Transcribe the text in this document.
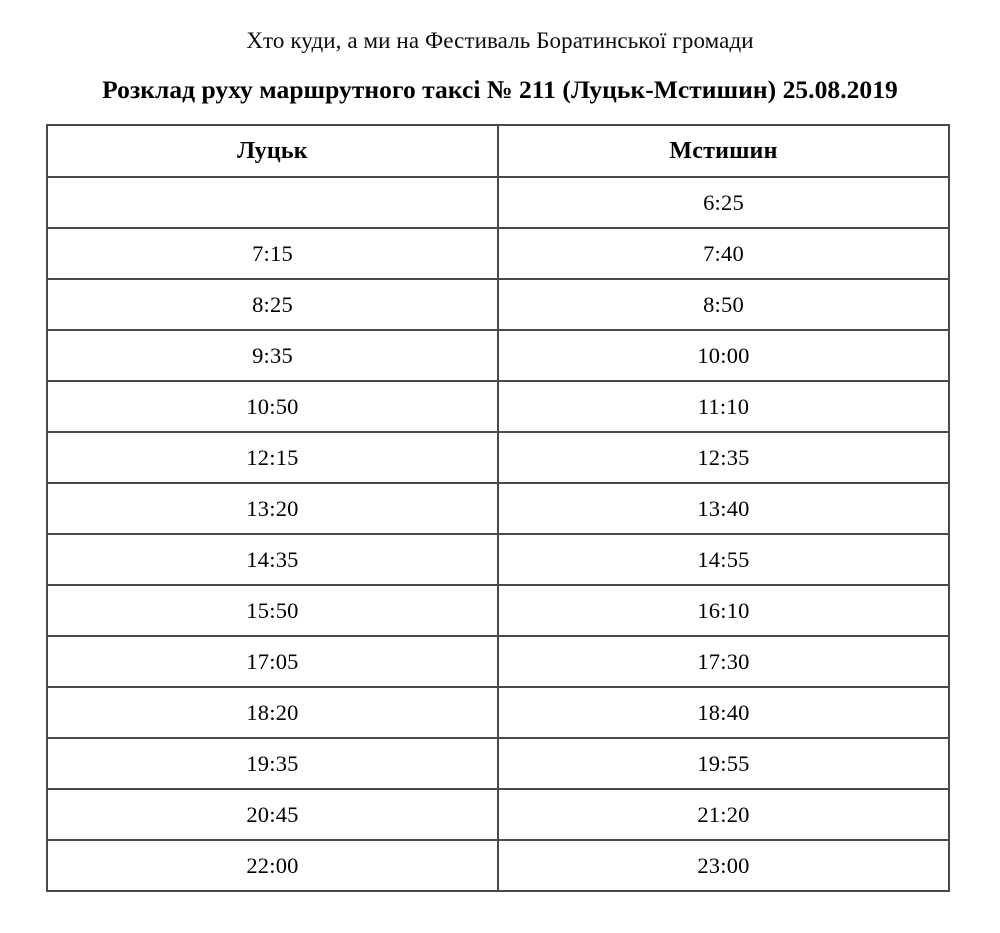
Хто куди, а ми на Фестиваль Боратинської громади
Розклад руху маршрутного таксі № 211 (Луцьк-Мстишин) 25.08.2019
Луцьк	Мстишин
	6:25
7:15	7:40
8:25	8:50
9:35	10:00
10:50	11:10
12:15	12:35
13:20	13:40
14:35	14:55
15:50	16:10
17:05	17:30
18:20	18:40
19:35	19:55
20:45	21:20
22:00	23:00
